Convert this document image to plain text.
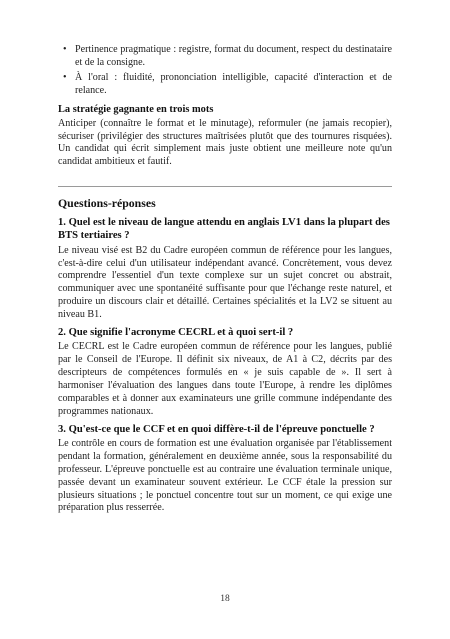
• Pertinence pragmatique : registre, format du document, respect du destinataire et de la consigne.
• À l'oral : fluidité, prononciation intelligible, capacité d'interaction et de relance.
La stratégie gagnante en trois mots

Anticiper (connaître le format et le minutage), reformuler (ne jamais recopier), sécuriser (privilégier des structures maîtrisées plutôt que des tournures risquées). Un candidat qui écrit simplement mais juste obtient une meilleure note qu'un candidat ambitieux et fautif.

Questions-réponses
1. Quel est le niveau de langue attendu en anglais LV1 dans la plupart des BTS tertiaires ?

Le niveau visé est B2 du Cadre européen commun de référence pour les langues, c'est-à-dire celui d'un utilisateur indépendant avancé. Concrètement, vous devez comprendre l'essentiel d'un texte complexe sur un sujet concret ou abstrait, communiquer avec une spontanéité suffisante pour que l'échange reste naturel, et produire un discours clair et détaillé. Certaines spécialités et la LV2 se situent au niveau B1.

2. Que signifie l'acronyme CECRL et à quoi sert-il ?

Le CECRL est le Cadre européen commun de référence pour les langues, publié par le Conseil de l'Europe. Il définit six niveaux, de A1 à C2, décrits par des descripteurs de compétences formulés en « je suis capable de ». Il sert à harmoniser l'évaluation des langues dans toute l'Europe, à rendre les diplômes comparables et à donner aux examinateurs une grille commune indépendante des programmes nationaux.

3. Qu'est-ce que le CCF et en quoi diffère-t-il de l'épreuve ponctuelle ?

Le contrôle en cours de formation est une évaluation organisée par l'établissement pendant la formation, généralement en deuxième année, sous la responsabilité du professeur. L'épreuve ponctuelle est au contraire une évaluation terminale unique, passée devant un examinateur souvent extérieur. Le CCF étale la pression sur plusieurs situations ; le ponctuel concentre tout sur un moment, ce qui exige une préparation plus resserrée.

18
